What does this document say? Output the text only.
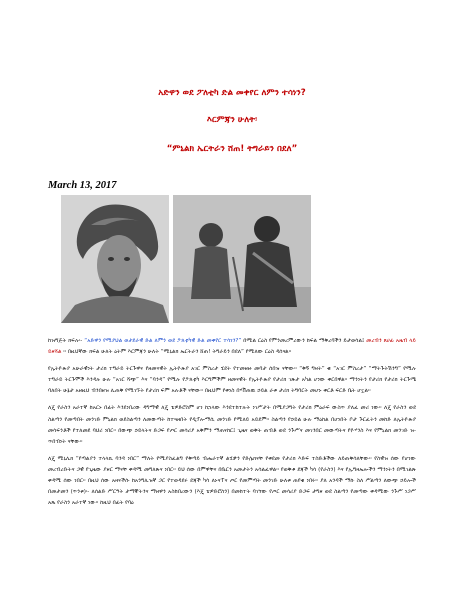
አድዋን ወደ ፖለቲካ ድል መቀየር ለምን ተሳነን?
እርምጃን ሁለት፡
“ምኒልክ ኤርትራን ሸጠ! ትግራይን በደለ”
March 13, 2017

ከዝግጅት ክፍሉ፡- “አድዋን የሚያህል ወታደራዊ ድል ለምን ወደ ፖለቲካዊ ድል መቀየር ተሳነን?” በሚል ርዕስ የምንመረምረውን ከፍል ማቅረባችን ይታወሳል፤ መረብን ጸሀፊ አዜብ ላይ ይዞሻል ፡፡ በዚህኛው ክፍል ሁለት ዕትም እርምጃን ሁለት “ሚኒልክ ኤርትራን ሸጠ! ትግራይን በደለ” የሚለው ርዕስ ዳሰናል፡፡

የኢትዮጵያ አሁራዊነት ታሪክ ተግራይ ትርጉዋና የዘመናዊት ኢትዮጵያ አገር ምስረታ ሂደት የተመዘዙ መባታ ሰበዝ ናቸው፡፡ “ቅኝ ግዛት” ቁ “አገር ምስረታ” “ማትጉትሽንግ” የሚሉ ተግራይ ትርጉሞች እንዳሉ ሁሉ “አገር ሻጭ” እና “ባንዳ” የሚሉ የፖለቲካ እርግምችም ዘመናዊት የኢትዮጵያ የታሪክ ገጽታ አካል ሆነው ቀርበዋል፡፡ ማንነትን የታሪክ የታሪክ ትርጉሜ ባለበት ሁኔታ አዘዚህ ብንበዘዝ ሊጠቅ የሚገኙት የታሪክ ፍም አሉቶች ናቸው፡፡ በዚህም የቀነስ በሃቨጠዉ ኃይል ራቱ ታሪክ ትግባርት መሆኑ ቀርቶ ፍርድ ቤት ሆኗል፡፡

ለጄ የራስን አራተኛ ከአርኑ በፊት እንደነበረው ዳግማዊ ለጄ ቴዎድሮስም ሆነ ከኋላው እንደተከተሉት ነገሥታት በሚያጋግት የታሪክ ምዕራፍ ውስጥ ያለፈ መሪ ነው፡፡ ለጄ የራስን ወደ ስልጣን የመጣበት መንገድ ምኒልክ ወደስልጣን ለመውጣት ከተጓዘበት የዲፕሎማሲ መንገድ የሚለይ አይደም፡፡ ስልጣን የኃይል ሁሉ ማዕከል በሆነበት ቦታ ጉርፈትን መከድ ለኢትዮጵያ መሳፍንቶች የተለመደ ባህሪ ነበር፡፡ በውጭ ኃይላትና ድጋፍ የጦር መሳሪያ አቅምን ማጠናከር፤ ጊዜና ወቅት ጠብቶ ወደ ንጉሥና መገንበር መውጣትና የዮሃንስ እና የምኒልክ መንገድ ዝ-ጥበብነት ናቸው፡፡

ለጄ ሚኒሊክ “የጣልያን ተላላኪ ባንዳ ነበር” ማለት የሚያስፈልግ የቅጣይ ብሔራተኛ ልሂቃን የድሌክናቸ የቀደመ የታሪክ እድፍ ተስድቶችው ለይጠቅሳለቸው፡፡ የስዊዝ ሰው የሆነው መረብረቡትና ጋዊ የጊዜው ያዞር ማናቸ ቀዳሚ መግለጽና ነበር፡፡ ይህ ሰው በምዋቸና በቤርን አመታትን አሳልፈዋል፡፡ የወቅቱ ደጃች ካሳ (የራስን) እና የኢግዛኤሎችን ማንነትን በሚገልጽ ቀዳሚ ሰው ነበር፡፡ በዚህ ሰው አዛናችሱ ከአንግሊዝኛ ጋር የተወዳደሩ ደጃች ካሳ ለኑናፐና ጦር የመምጣት መንገድ ሁለቱ ጠየቁ ነበሩ፡፡ ያለ አንዳች ማኩ ስለ ሥልጣን ለውጭ ኃይሎች በመታመን (ጥንቱ)፡- ለሰልድ ሥርዓት ታማኞትንና ማዘዋን አስከበረውን (እጄ ቴዎድሮስን) በመከተት ባገኘው የጦር መሳሪያ ድጋፍ ታግዞ ወደ ስልጣን የመጣው ቀዳሚው ንጉሥ ነጋሥ አጼ የራስን አራተኛ ነው፡፡ ከዚህ በፊት የባዕ
